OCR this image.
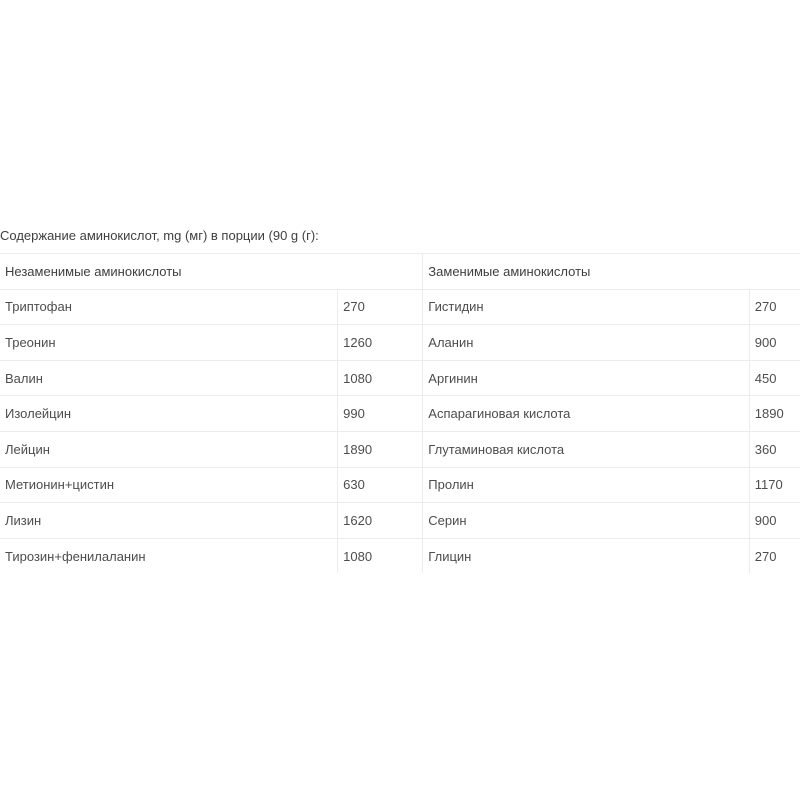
Содержание аминокислот, mg (мг) в порции (90 g (г):
Незаменимые аминокислоты		Заменимые аминокислоты	
Триптофан	270	Гистидин	270
Треонин	1260	Аланин	900
Валин	1080	Аргинин	450
Изолейцин	990	Аспарагиновая кислота	1890
Лейцин	1890	Глутаминовая кислота	360
Метионин+цистин	630	Пролин	1170
Лизин	1620	Серин	900
Тирозин+фенилаланин	1080	Глицин	270
